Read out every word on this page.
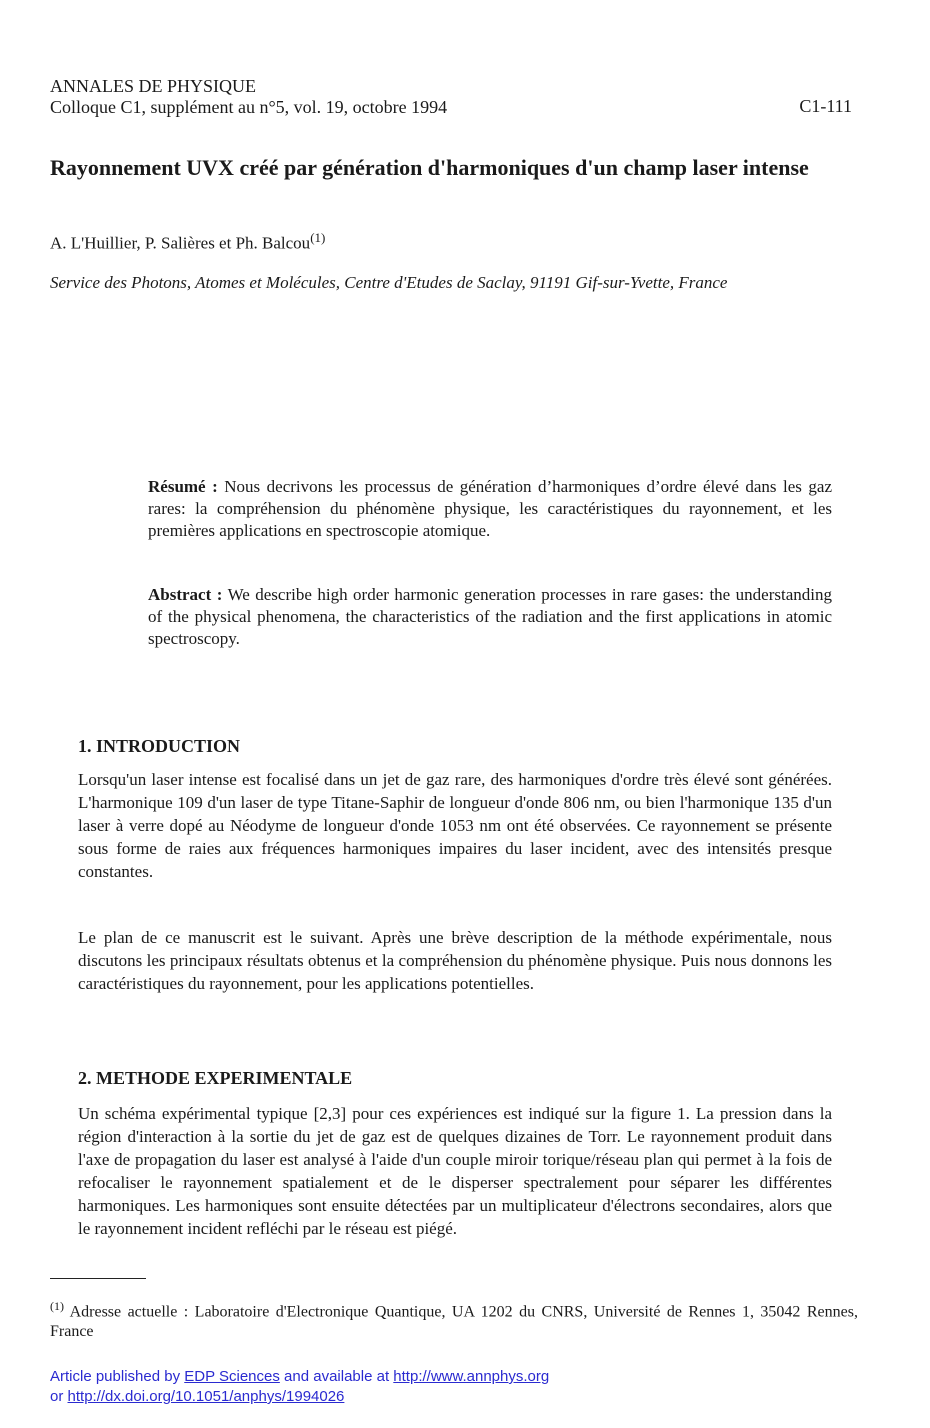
ANNALES DE PHYSIQUE
Colloque C1, supplément au n°5, vol. 19, octobre 1994	C1-111
Rayonnement UVX créé par génération d'harmoniques d'un champ laser intense
A. L'Huillier, P. Salières et Ph. Balcou$^{(1)}$
Service des Photons, Atomes et Molécules, Centre d'Etudes de Saclay, 91191 Gif-sur-Yvette, France
Résumé : Nous decrivons les processus de génération d’harmoniques d’ordre élevé dans les gaz rares: la compréhension du phénomène physique, les caractéristiques du rayonnement, et les premières applications en spectroscopie atomique.
Abstract : We describe high order harmonic generation processes in rare gases: the understanding of the physical phenomena, the characteristics of the radiation and the first applications in atomic spectroscopy.
1. INTRODUCTION
Lorsqu'un laser intense est focalisé dans un jet de gaz rare, des harmoniques d'ordre très élevé sont générées. L'harmonique 109 d'un laser de type Titane-Saphir de longueur d'onde 806 nm, ou bien l'harmonique 135 d'un laser à verre dopé au Néodyme de longueur d'onde 1053 nm ont été observées. Ce rayonnement se présente sous forme de raies aux fréquences harmoniques impaires du laser incident, avec des intensités presque constantes.
Le plan de ce manuscrit est le suivant. Après une brève description de la méthode expérimentale, nous discutons les principaux résultats obtenus et la compréhension du phénomène physique. Puis nous donnons les caractéristiques du rayonnement, pour les applications potentielles.
2. METHODE EXPERIMENTALE
Un schéma expérimental typique [2,3] pour ces expériences est indiqué sur la figure 1. La pression dans la région d'interaction à la sortie du jet de gaz est de quelques dizaines de Torr. Le rayonnement produit dans l'axe de propagation du laser est analysé à l'aide d'un couple miroir torique/réseau plan qui permet à la fois de refocaliser le rayonnement spatialement et de le disperser spectralement pour séparer les différentes harmoniques. Les harmoniques sont ensuite détectées par un multiplicateur d'électrons secondaires, alors que le rayonnement incident refléchi par le réseau est piégé.
$^{(1)}$ Adresse actuelle : Laboratoire d'Electronique Quantique, UA 1202 du CNRS, Université de Rennes 1, 35042 Rennes, France
Article published by EDP Sciences and available at http://www.annphys.org
or http://dx.doi.org/10.1051/anphys/1994026
